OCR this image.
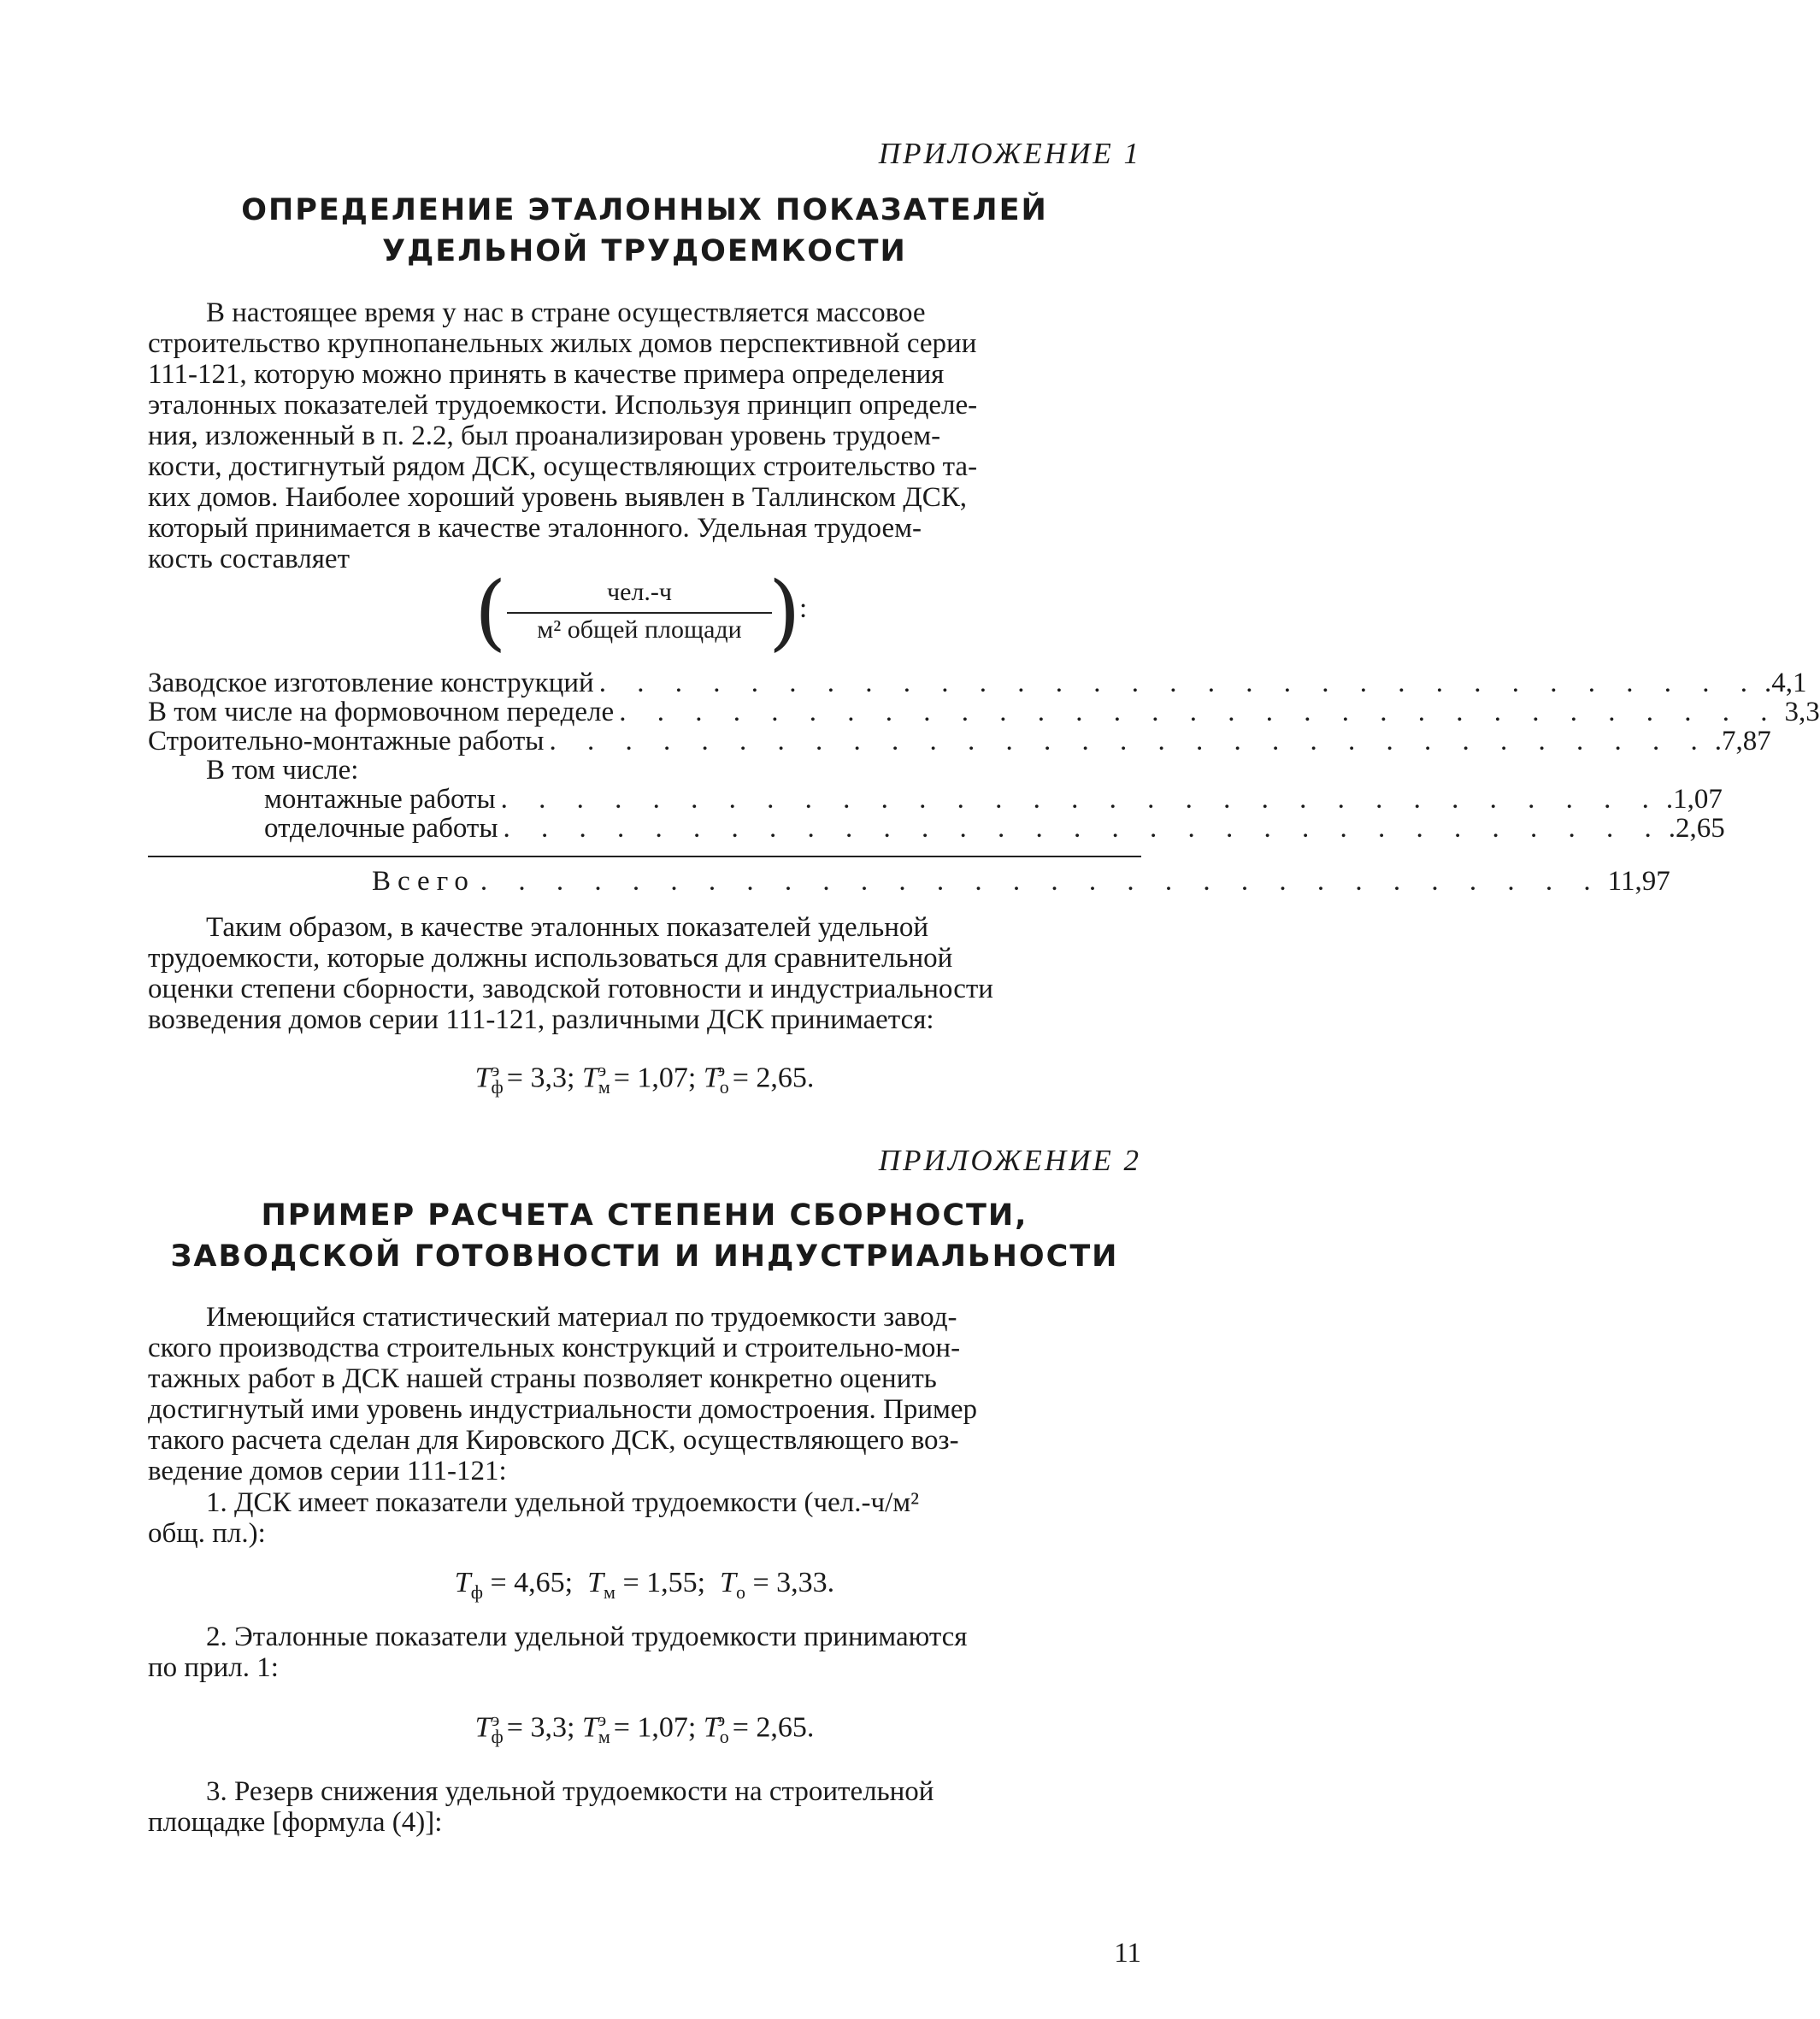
ПРИЛОЖЕНИЕ 1

ОПРЕДЕЛЕНИЕ ЭТАЛОННЫХ ПОКАЗАТЕЛЕЙ

УДЕЛЬНОЙ ТРУДОЕМКОСТИ

В настоящее время у нас в стране осуществляется массовое
строительство крупнопанельных жилых домов перспективной серии
111-121, которую можно принять в качестве примера определения
эталонных показателей трудоемкости. Используя принцип определе-
ния, изложенный в п. 2.2, был проанализирован уровень трудоем-
кости, достигнутый рядом ДСК, осуществляющих строительство та-
ких домов. Наиболее хороший уровень выявлен в Таллинском ДСК,
который принимается в качестве эталонного. Удельная трудоем-
кость составляет

(	чел.-ч
м² общей площади )
:
Заводское изготовление конструкций . . . . . . . . . . . . . . . . . . . . . . . . . . . . . . . .4,1
В том числе на формовочном переделе . . . . . . . . . . . . . . . . . . . . . . . . . . . . . . . 3,3
Строительно-монтажные работы . . . . . . . . . . . . . . . . . . . . . . . . . . . . . . . .7,87
В том числе:
монтажные работы . . . . . . . . . . . . . . . . . . . . . . . . . . . . . . . .1,07
отделочные работы . . . . . . . . . . . . . . . . . . . . . . . . . . . . . . . .2,65
Всего . . . . . . . . . . . . . . . . . . . . . . . . . . . . . . 11,97

Таким образом, в качестве эталонных показателей удельной
трудоемкости, которые должны использоваться для сравнительной
оценки степени сборности, заводской готовности и индустриальности
возведения домов серии 111-121, различными ДСК принимается:

$T_ф^э = 3,3$; $T_м^э = 1,07$; $T_о^э = 2,65$.

ПРИЛОЖЕНИЕ 2

ПРИМЕР РАСЧЕТА СТЕПЕНИ СБОРНОСТИ,

ЗАВОДСКОЙ ГОТОВНОСТИ И ИНДУСТРИАЛЬНОСТИ

Имеющийся статистический материал по трудоемкости завод-
ского производства строительных конструкций и строительно-мон-
тажных работ в ДСК нашей страны позволяет конкретно оценить
достигнутый ими уровень индустриальности домостроения. Пример
такого расчета сделан для Кировского ДСК, осуществляющего воз-
ведение домов серии 111-121:

1. ДСК имеет показатели удельной трудоемкости (чел.-ч/м²
общ. пл.):

$T_ф = 4,65$; $T_м = 1,55$; $T_о = 3,33$.

2. Эталонные показатели удельной трудоемкости принимаются
по прил. 1:

$T_ф^э = 3,3$; $T_м^э = 1,07$; $T_о^э = 2,65$.

3. Резерв снижения удельной трудоемкости на строительной
площадке [формула (4)]:

11
